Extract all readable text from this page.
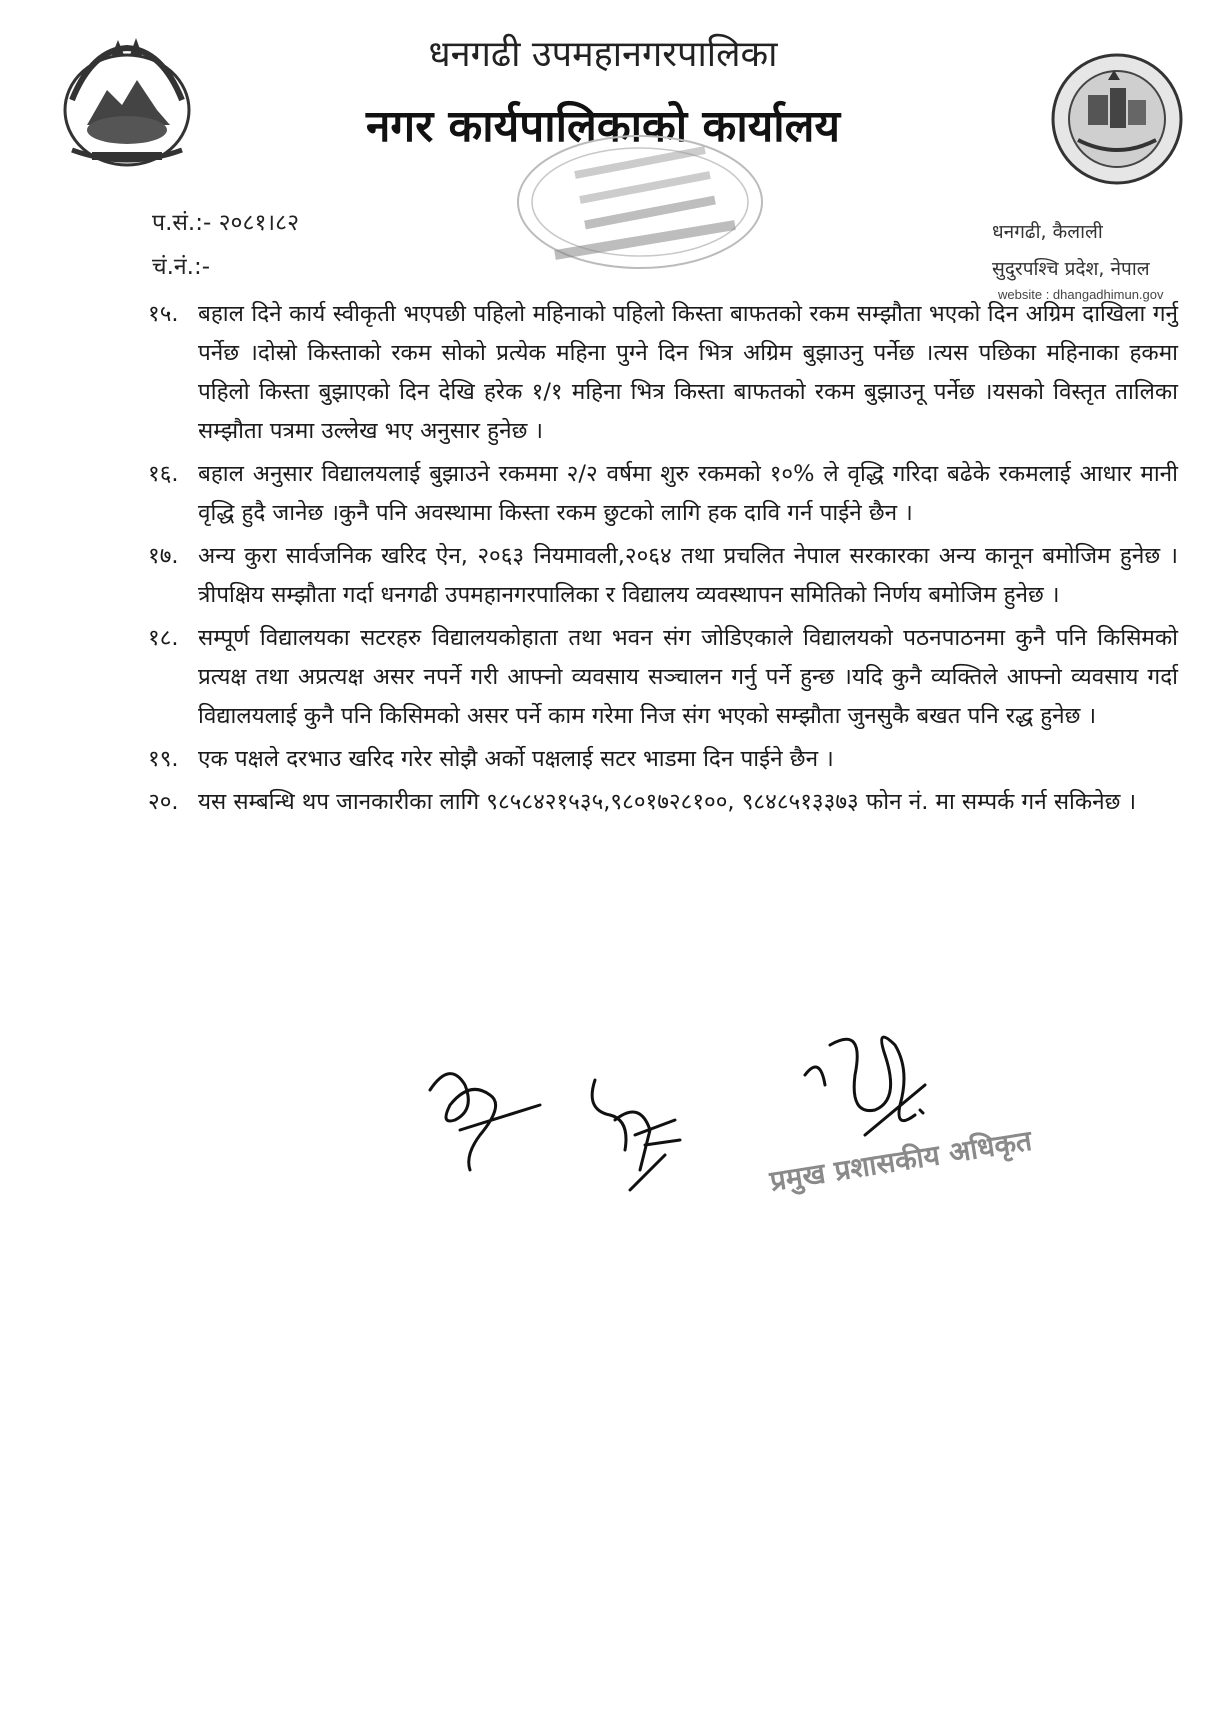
धनगढी उपमहानगरपालिका
नगर कार्यपालिकाको कार्यालय
प.सं.:- २०८१।८२
चं.नं.:-
धनगढी, कैलाली
सुदुरपश्चि प्रदेश, नेपाल
website : dhangadhimun.gov
१५. बहाल दिने कार्य स्वीकृती भएपछी पहिलो महिनाको पहिलो किस्ता बाफतको रकम सम्झौता भएको दिन अग्रिम दाखिला गर्नु पर्नेछ ।दोस्रो किस्ताको रकम सोको प्रत्येक महिना पुग्ने दिन भित्र अग्रिम बुझाउनु पर्नेछ ।त्यस पछिका महिनाका हकमा पहिलो किस्ता बुझाएको दिन देखि हरेक १/१ महिना भित्र किस्ता बाफतको रकम बुझाउनू पर्नेछ ।यसको विस्तृत तालिका सम्झौता पत्रमा उल्लेख भए अनुसार हुनेछ ।
१६. बहाल अनुसार विद्यालयलाई बुझाउने रकममा २/२ वर्षमा शुरु रकमको १०% ले वृद्धि गरिदा बढेके रकमलाई आधार मानी वृद्धि हुदै जानेछ ।कुनै पनि अवस्थामा किस्ता रकम छुटको लागि हक दावि गर्न पाईने छैन ।
१७. अन्य कुरा सार्वजनिक खरिद ऐन, २०६३ नियमावली,२०६४ तथा प्रचलित नेपाल सरकारका अन्य कानून बमोजिम हुनेछ ।त्रीपक्षिय सम्झौता गर्दा धनगढी उपमहानगरपालिका र विद्यालय व्यवस्थापन समितिको निर्णय बमोजिम हुनेछ ।
१८. सम्पूर्ण विद्यालयका सटरहरु विद्यालयकोहाता तथा भवन संग जोडिएकाले विद्यालयको पठनपाठनमा कुनै पनि किसिमको प्रत्यक्ष तथा अप्रत्यक्ष असर नपर्ने गरी आफ्नो व्यवसाय सञ्चालन गर्नु पर्ने हुन्छ ।यदि कुनै व्यक्तिले आफ्नो व्यवसाय गर्दा विद्यालयलाई कुनै पनि किसिमको असर पर्ने काम गरेमा निज संग भएको सम्झौता जुनसुकै बखत पनि रद्ध हुनेछ ।
१९. एक पक्षले दरभाउ खरिद गरेर सोझै अर्को पक्षलाई सटर भाडमा दिन पाईने छैन ।
२०. यस सम्बन्धि थप जानकारीका लागि ९८५८४२१५३५,९८०१७२८१००, ९८४८५१३३७३ फोन नं. मा सम्पर्क गर्न सकिनेछ ।
प्रमुख प्रशासकीय अधिकृत
